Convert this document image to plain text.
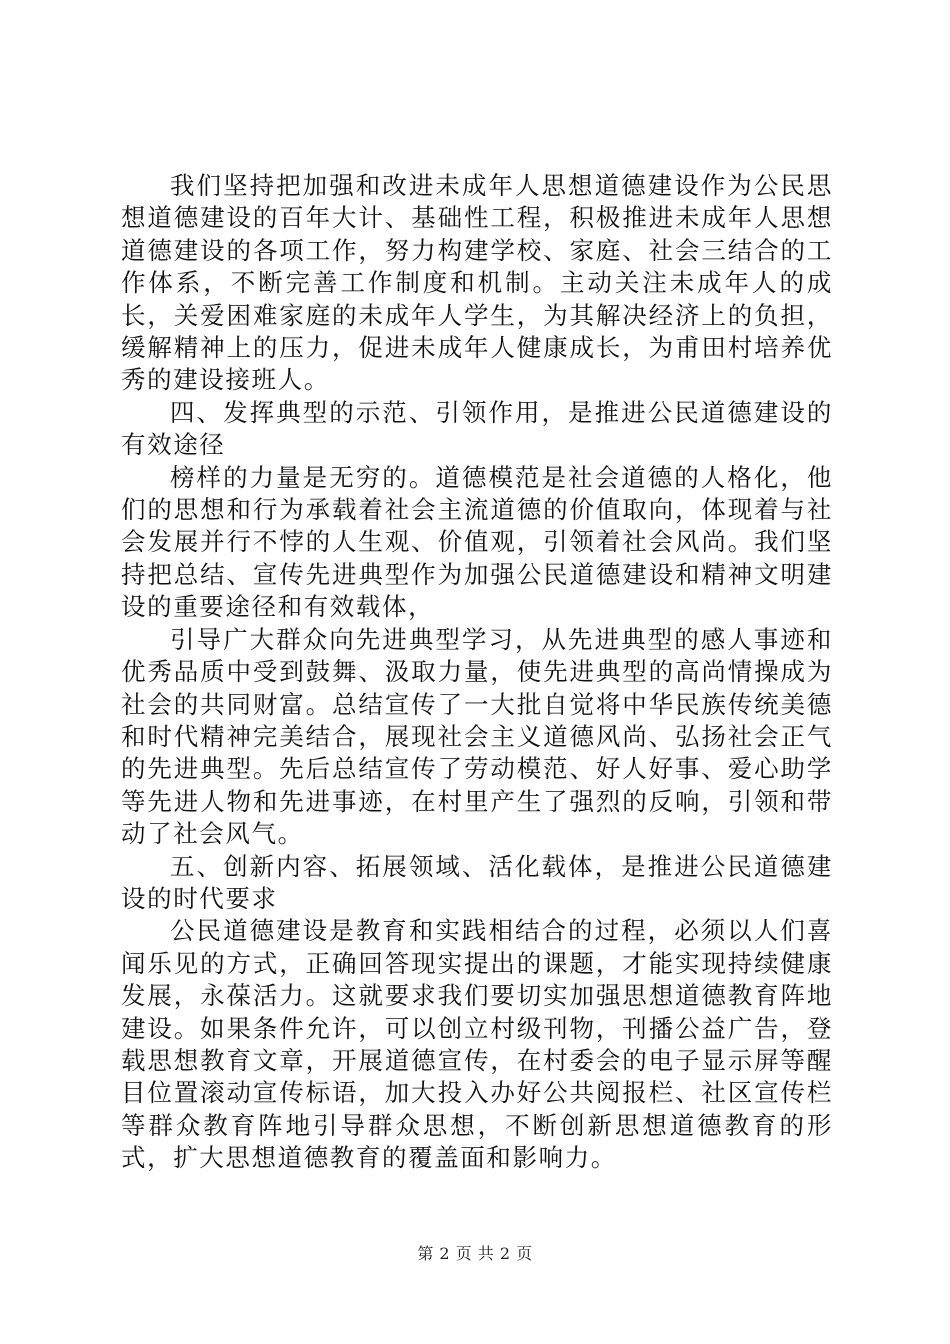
我们坚持把加强和改进未成年人思想道德建设作为公民思想道德建设的百年大计、基础性工程，积极推进未成年人思想道德建设的各项工作，努力构建学校、家庭、社会三结合的工作体系，不断完善工作制度和机制。主动关注未成年人的成长，关爱困难家庭的未成年人学生，为其解决经济上的负担，缓解精神上的压力，促进未成年人健康成长，为甫田村培养优秀的建设接班人。

四、发挥典型的示范、引领作用，是推进公民道德建设的有效途径

榜样的力量是无穷的。道德模范是社会道德的人格化，他们的思想和行为承载着社会主流道德的价值取向，体现着与社会发展并行不悖的人生观、价值观，引领着社会风尚。我们坚持把总结、宣传先进典型作为加强公民道德建设和精神文明建设的重要途径和有效载体，

引导广大群众向先进典型学习，从先进典型的感人事迹和优秀品质中受到鼓舞、汲取力量，使先进典型的高尚情操成为社会的共同财富。总结宣传了一大批自觉将中华民族传统美德和时代精神完美结合，展现社会主义道德风尚、弘扬社会正气的先进典型。先后总结宣传了劳动模范、好人好事、爱心助学等先进人物和先进事迹，在村里产生了强烈的反响，引领和带动了社会风气。

五、创新内容、拓展领域、活化载体，是推进公民道德建设的时代要求

公民道德建设是教育和实践相结合的过程，必须以人们喜闻乐见的方式，正确回答现实提出的课题，才能实现持续健康发展，永葆活力。这就要求我们要切实加强思想道德教育阵地建设。如果条件允许，可以创立村级刊物，刊播公益广告，登载思想教育文章，开展道德宣传，在村委会的电子显示屏等醒目位置滚动宣传标语，加大投入办好公共阅报栏、社区宣传栏等群众教育阵地引导群众思想，不断创新思想道德教育的形式，扩大思想道德教育的覆盖面和影响力。

第 2 页 共 2 页
